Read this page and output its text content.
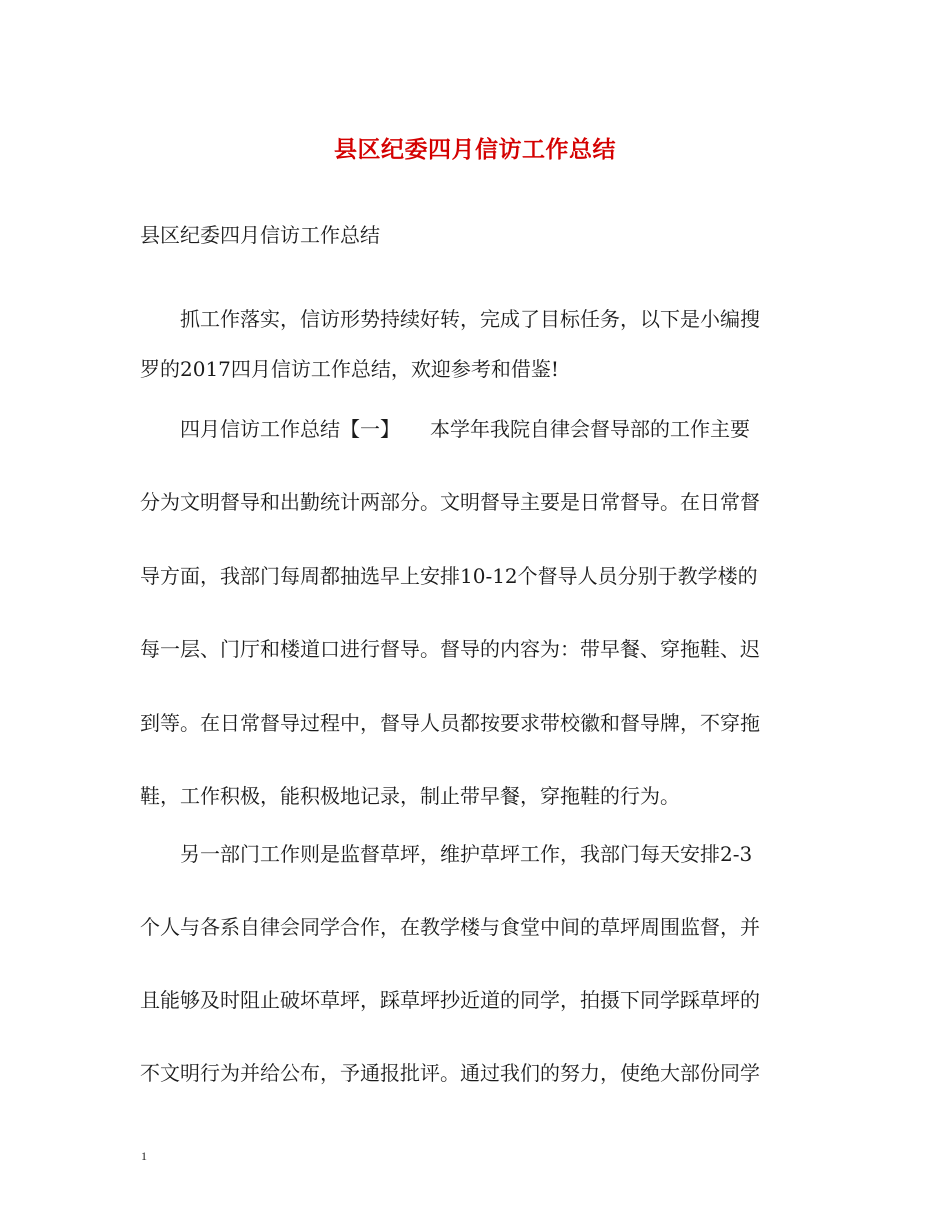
县区纪委四月信访工作总结
县区纪委四月信访工作总结
　　抓工作落实，信访形势持续好转，完成了目标任务，以下是小编搜
罗的2017四月信访工作总结，欢迎参考和借鉴!
　　四月信访工作总结【一】　　本学年我院自律会督导部的工作主要
分为文明督导和出勤统计两部分。文明督导主要是日常督导。在日常督
导方面，我部门每周都抽选早上安排10-12个督导人员分别于教学楼的
每一层、门厅和楼道口进行督导。督导的内容为：带早餐、穿拖鞋、迟
到等。在日常督导过程中，督导人员都按要求带校徽和督导牌，不穿拖
鞋，工作积极，能积极地记录，制止带早餐，穿拖鞋的行为。
　　另一部门工作则是监督草坪，维护草坪工作，我部门每天安排2-3
个人与各系自律会同学合作，在教学楼与食堂中间的草坪周围监督，并
且能够及时阻止破坏草坪，踩草坪抄近道的同学，拍摄下同学踩草坪的
不文明行为并给公布，予通报批评。通过我们的努力，使绝大部份同学
1
